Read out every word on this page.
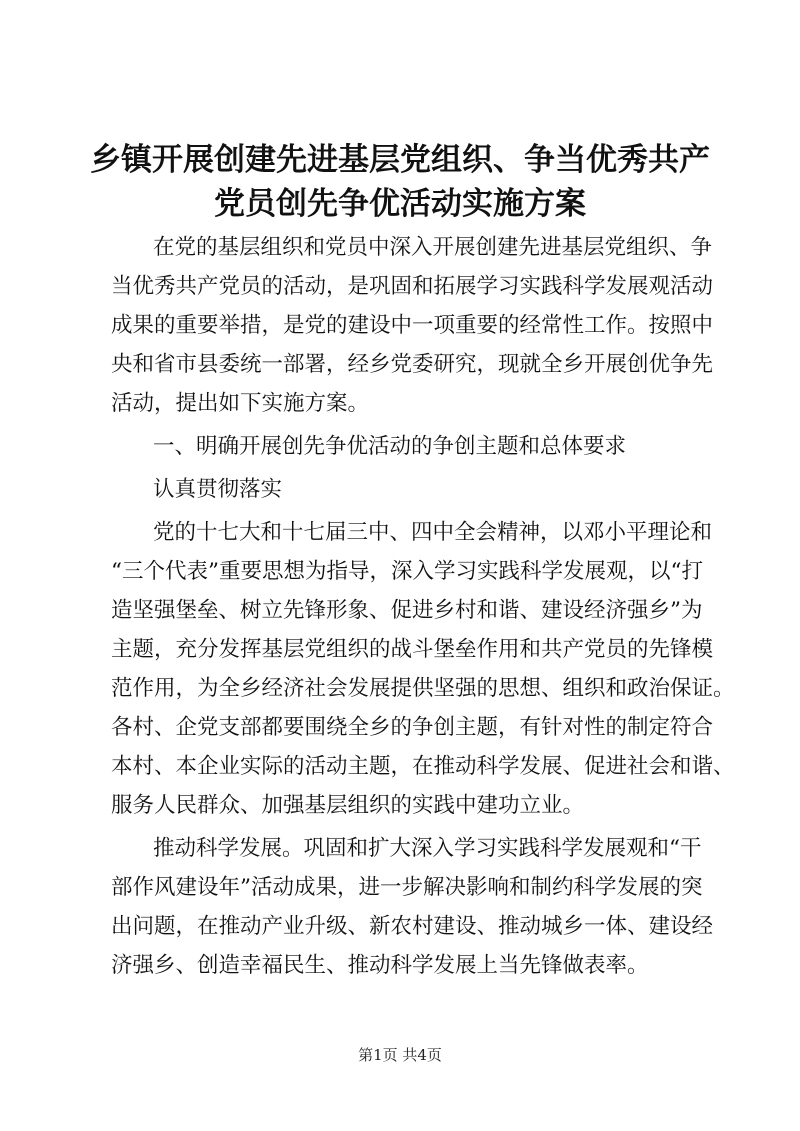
乡镇开展创建先进基层党组织、争当优秀共产
党员创先争优活动实施方案
在党的基层组织和党员中深入开展创建先进基层党组织、争
当优秀共产党员的活动，是巩固和拓展学习实践科学发展观活动
成果的重要举措，是党的建设中一项重要的经常性工作。按照中
央和省市县委统一部署，经乡党委研究，现就全乡开展创优争先
活动，提出如下实施方案。
一、明确开展创先争优活动的争创主题和总体要求
认真贯彻落实
党的十七大和十七届三中、四中全会精神，以邓小平理论和
“三个代表”重要思想为指导，深入学习实践科学发展观，以“打
造坚强堡垒、树立先锋形象、促进乡村和谐、建设经济强乡”为
主题，充分发挥基层党组织的战斗堡垒作用和共产党员的先锋模
范作用，为全乡经济社会发展提供坚强的思想、组织和政治保证。
各村、企党支部都要围绕全乡的争创主题，有针对性的制定符合
本村、本企业实际的活动主题，在推动科学发展、促进社会和谐、
服务人民群众、加强基层组织的实践中建功立业。
推动科学发展。巩固和扩大深入学习实践科学发展观和“干
部作风建设年”活动成果，进一步解决影响和制约科学发展的突
出问题，在推动产业升级、新农村建设、推动城乡一体、建设经
济强乡、创造幸福民生、推动科学发展上当先锋做表率。
第1页 共4页
